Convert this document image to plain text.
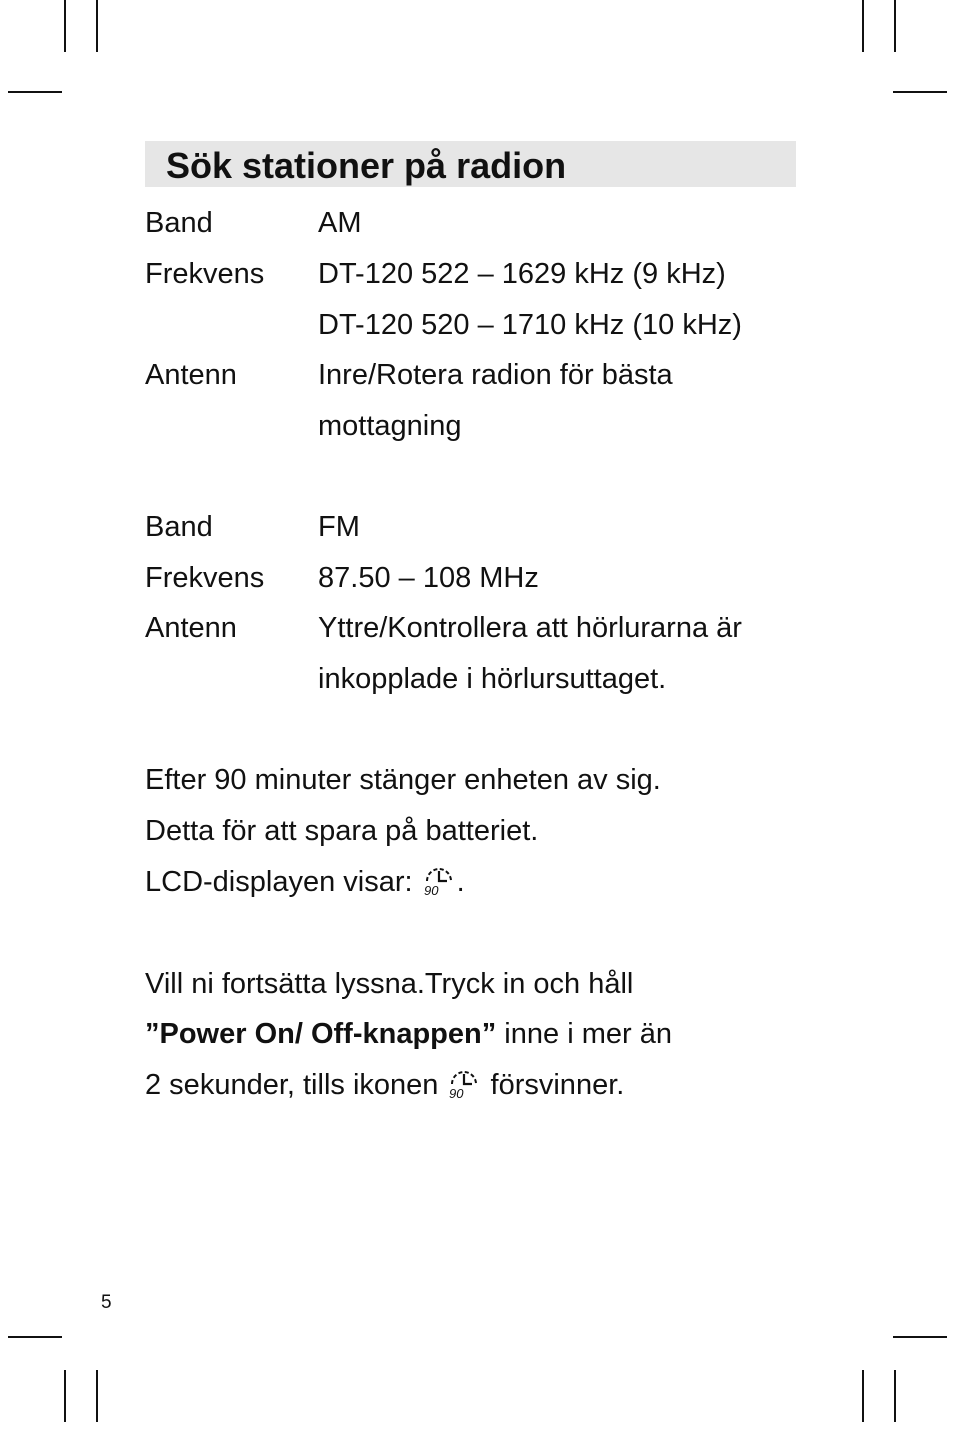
Sök stationer på radion
Band	AM
Frekvens DT-120 522 – 1629 kHz (9 kHz)
DT-120 520 – 1710 kHz (10 kHz)
Antenn	Inre/Rotera radion för bästa
mottagning
Band	FM
Frekvens 87.50 – 108 MHz
Antenn	Yttre/Kontrollera att hörlurarna är
inkopplade i hörlursuttaget.
Efter 90 minuter stänger enheten av sig.
Detta för att spara på batteriet.
LCD-displayen visar: 90 .
Vill ni fortsätta lyssna.Tryck in och håll
”Power On/ Off-knappen” inne i mer än
2 sekunder, tills ikonen 90 försvinner.
5
